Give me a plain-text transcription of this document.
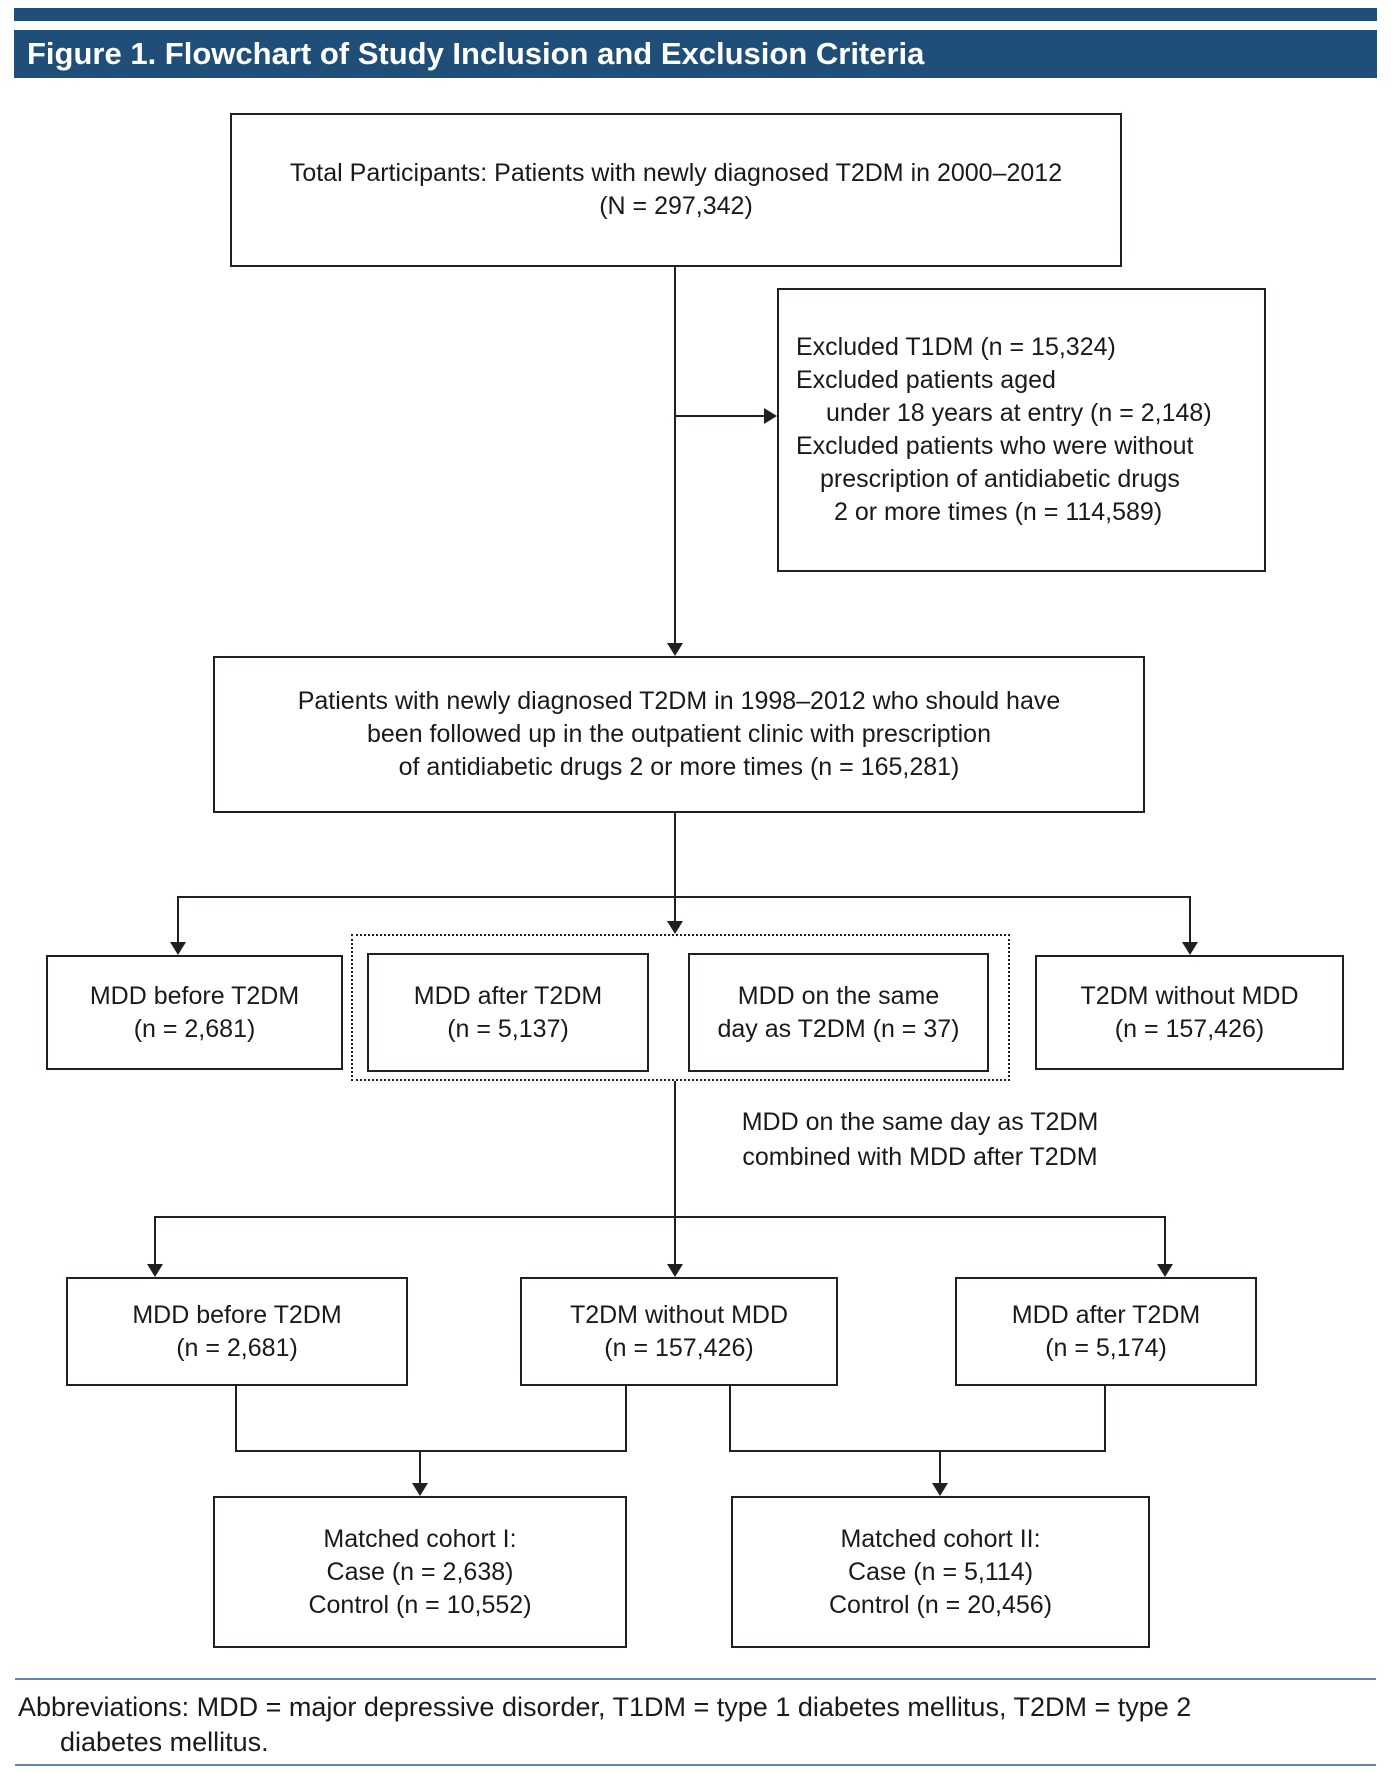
Figure 1. Flowchart of Study Inclusion and Exclusion Criteria
Total Participants: Patients with newly diagnosed T2DM in 2000–2012
(N = 297,342)
Excluded T1DM (n = 15,324)
Excluded patients aged
under 18 years at entry (n = 2,148)
Excluded patients who were without
prescription of antidiabetic drugs
2 or more times (n = 114,589)
Patients with newly diagnosed T2DM in 1998–2012 who should have
been followed up in the outpatient clinic with prescription
of antidiabetic drugs 2 or more times (n = 165,281)
MDD before T2DM
(n = 2,681)
MDD after T2DM
(n = 5,137)
MDD on the same
day as T2DM (n = 37)
T2DM without MDD
(n = 157,426)
MDD on the same day as T2DM
combined with MDD after T2DM
MDD before T2DM
(n = 2,681)
T2DM without MDD
(n = 157,426)
MDD after T2DM
(n = 5,174)
Matched cohort I:
Case (n = 2,638)
Control (n = 10,552)
Matched cohort II:
Case (n = 5,114)
Control (n = 20,456)
Abbreviations: MDD = major depressive disorder, T1DM = type 1 diabetes mellitus, T2DM = type 2
diabetes mellitus.
